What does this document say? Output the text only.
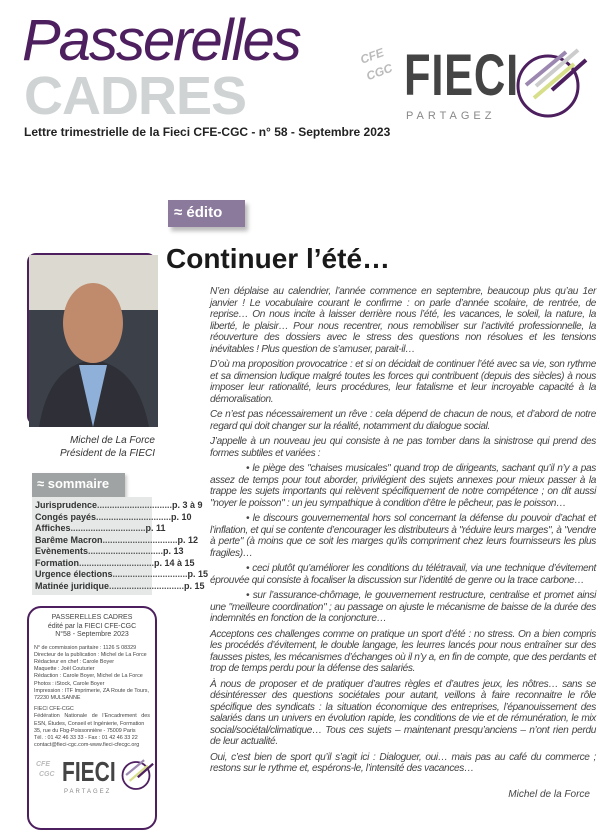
Passerelles
CADRES
Lettre trimestrielle de la Fieci CFE-CGC - n° 58 - Septembre 2023
CFE
CGC FIECI
PARTAGEZ
≈ édito
Continuer l’été…

N’en déplaise au calendrier, l’année commence en septembre, beaucoup plus qu’au 1er janvier ! Le vocabulaire courant le confirme : on parle d’année scolaire, de rentrée, de reprise… On nous incite à laisser derrière nous l’été, les vacances, le soleil, la nature, la liberté, le plaisir… Pour nous recentrer, nous remobiliser sur l’activité professionnelle, la réouverture des dossiers avec le stress des questions non résolues et les tensions inévitables ! Plus question de s’amuser, parait-il…

D’où ma proposition provocatrice : et si on décidait de continuer l’été avec sa vie, son rythme et sa dimension ludique malgré toutes les forces qui contribuent (depuis des siècles) à nous imposer leur rationalité, leurs procédures, leur fatalisme et leur incroyable capacité à la démoralisation.

Ce n’est pas nécessairement un rêve : cela dépend de chacun de nous, et d’abord de notre regard qui doit changer sur la réalité, notamment du dialogue social.

J’appelle à un nouveau jeu qui consiste à ne pas tomber dans la sinistrose qui prend des formes subtiles et variées :

• le piège des "chaises musicales" quand trop de dirigeants, sachant qu’il n’y a pas assez de temps pour tout aborder, privilégient des sujets annexes pour mieux passer à la trappe les sujets importants qui relèvent spécifiquement de notre compétence ; on dit aussi "noyer le poisson" : un jeu sympathique à condition d’être le pêcheur, pas le poisson…

• le discours gouvernemental hors sol concernant la défense du pouvoir d’achat et l’inflation, et qui se contente d’encourager les distributeurs à "réduire leurs marges", à "vendre à perte" (à moins que ce soit les marges qu’ils compriment chez leurs fournisseurs les plus fragiles)…

• ceci plutôt qu’améliorer les conditions du télétravail, via une technique d’évitement éprouvée qui consiste à focaliser la discussion sur l’identité de genre ou la trace carbone…

• sur l’assurance-chômage, le gouvernement restructure, centralise et promet ainsi une "meilleure coordination" ; au passage on ajuste le mécanisme de baisse de la durée des indemnités en fonction de la conjoncture…

Acceptons ces challenges comme on pratique un sport d’été : no stress. On a bien compris les procédés d’évitement, le double langage, les leurres lancés pour nous entraîner sur des fausses pistes, les mécanismes d’échanges où il n’y a, en fin de compte, que des perdants et trop de temps perdu pour la défense des salariés.

À nous de proposer et de pratiquer d’autres règles et d’autres jeux, les nôtres… sans se désintéresser des questions sociétales pour autant, veillons à faire reconnaitre le rôle spécifique des syndicats : la situation économique des entreprises, l’épanouissement des salariés dans un univers en évolution rapide, les conditions de vie et de rémunération, le mix social/sociétal/climatique… Tous ces sujets – maintenant presqu’anciens – n’ont rien perdu de leur actualité.

Oui, c’est bien de sport qu’il s’agit ici : Dialoguer, oui… mais pas au café du commerce ; restons sur le rythme et, espérons-le, l’intensité des vacances…

Michel de la Force
Michel de La Force
Président de la FIECI
≈ sommaire
Jurisprudence .............................. p. 3 à 9
Congés payés .............................. p. 10
Affiches .............................. p. 11
Barême Macron .............................. p. 12
Evènements .............................. p. 13
Formation .............................. p. 14 à 15
Urgence élections .............................. p. 15
Matinée juridique .............................. p. 15
PASSERELLES CADRES
édité par la FIECI CFE-CGC
N°58 - Septembre 2023

N° de commission paritaire : 1126 S 08329
Directeur de la publication : Michel de La Force
Rédacteur en chef : Carole Boyer
Maquette : Joël Couturier
Rédaction : Carole Boyer, Michel de La Force
Photos : iStock, Carole Boyer
Impression : ITF Imprimerie, ZA Route de Tours, 72230 MULSANNE

FIECI CFE-CGC
Fédération Nationale de l’Encadrement des ESN, Études, Conseil et Ingénierie, Formation
35, rue du Fbg-Poissonnière - 75009 Paris
Tél. : 01 42 46 33 33 - Fax : 01 42 46 33 22
contact@fieci-cgc.com-www.fieci-cfecgc.org

CFE
CGC FIECI
PARTAGEZ
